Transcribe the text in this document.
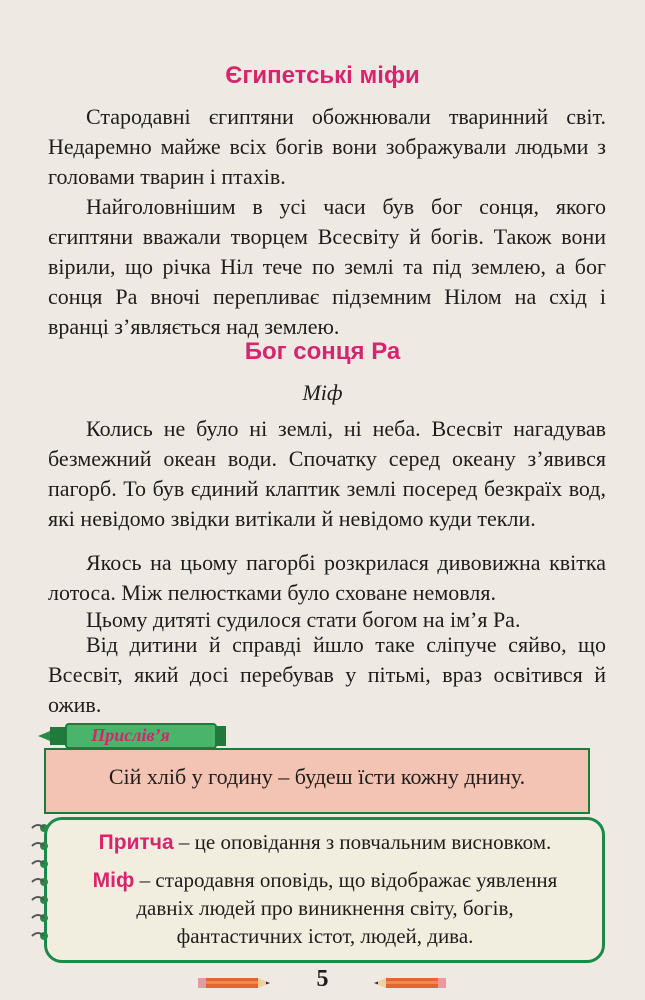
Єгипетські міфи

Стародавні єгиптяни обожнювали тваринний світ. Недаремно майже всіх богів вони зображували людьми з головами тварин і птахів.

Найголовнішим в усі часи був бог сонця, якого єгиптяни вважали творцем Всесвіту й богів. Також вони вірили, що річка Ніл тече по землі та під землею, а бог сонця Ра вночі перепливає підземним Нілом на схід і вранці з’являється над землею.

Бог сонця Ра

Міф

Колись не було ні землі, ні неба. Всесвіт нагадував безмежний океан води. Спочатку серед океану з’явився пагорб. То був єдиний клаптик землі посеред безкраїх вод, які невідомо звідки витікали й невідомо куди текли.

Якось на цьому пагорбі розкрилася дивовижна квітка лотоса. Між пелюстками було сховане немовля.

Цьому дитяті судилося стати богом на ім’я Ра.

Від дитини й справді йшло таке сліпуче сяйво, що Всесвіт, який досі перебував у пітьмі, враз освітився й ожив.

Сій хліб у годину – будеш їсти кожну днину.
Прислів’я

Притча – це оповідання з повчальним висновком.

Міф – стародавня оповідь, що відображає уявлення

давніх людей про виникнення світу, богів,

фантастичних істот, людей, дива.

5
